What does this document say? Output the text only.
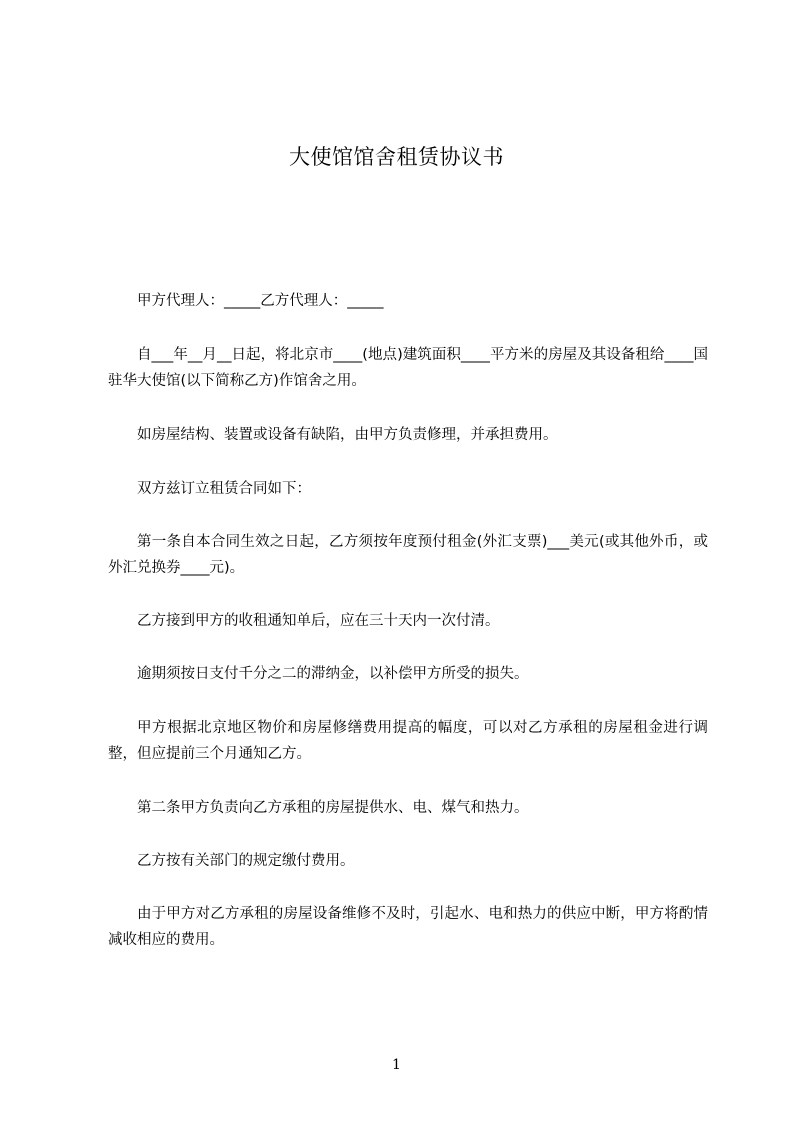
大使馆馆舍租赁协议书

甲方代理人：_____乙方代理人：_____

自___年__月__日起，将北京市____(地点)建筑面积____平方米的房屋及其设备租给____国驻华大使馆(以下简称乙方)作馆舍之用。

如房屋结构、装置或设备有缺陷，由甲方负责修理，并承担费用。

双方兹订立租赁合同如下：

第一条自本合同生效之日起，乙方须按年度预付租金(外汇支票)___美元(或其他外币，或外汇兑换券____元)。

乙方接到甲方的收租通知单后，应在三十天内一次付清。

逾期须按日支付千分之二的滞纳金，以补偿甲方所受的损失。

甲方根据北京地区物价和房屋修缮费用提高的幅度，可以对乙方承租的房屋租金进行调整，但应提前三个月通知乙方。

第二条甲方负责向乙方承租的房屋提供水、电、煤气和热力。

乙方按有关部门的规定缴付费用。

由于甲方对乙方承租的房屋设备维修不及时，引起水、电和热力的供应中断，甲方将酌情减收相应的费用。

1
